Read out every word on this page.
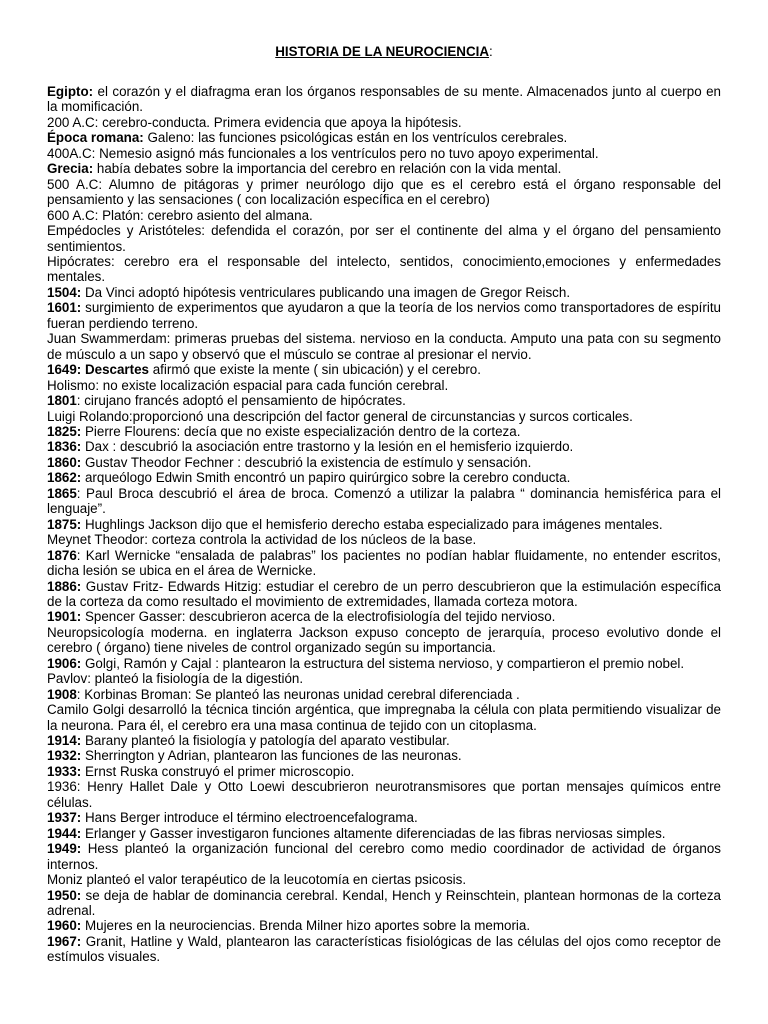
HISTORIA DE LA NEUROCIENCIA:

Egipto: el corazón y el diafragma eran los órganos responsables de su mente. Almacenados junto al cuerpo en la momificación.

200 A.C: cerebro-conducta. Primera evidencia que apoya la hipótesis.

Época romana: Galeno: las funciones psicológicas están en los ventrículos cerebrales.

400A.C: Nemesio asignó más funcionales a los ventrículos pero no tuvo apoyo experimental.

Grecia: había debates sobre la importancia del cerebro en relación con la vida mental.

500 A.C: Alumno de pitágoras y primer neurólogo dijo que es el cerebro está el órgano responsable del pensamiento y las sensaciones ( con localización específica en el cerebro)

600 A.C: Platón: cerebro asiento del almana.

Empédocles y Aristóteles: defendida el corazón, por ser el continente del alma y el órgano del pensamiento sentimientos.

Hipócrates: cerebro era el responsable del intelecto, sentidos, conocimiento,emociones y enfermedades mentales.

1504: Da Vinci adoptó hipótesis ventriculares publicando una imagen de Gregor Reisch.

1601: surgimiento de experimentos que ayudaron a que la teoría de los nervios como transportadores de espíritu fueran perdiendo terreno.

Juan Swammerdam: primeras pruebas del sistema. nervioso en la conducta. Amputo una pata con su segmento de músculo a un sapo y observó que el músculo se contrae al presionar el nervio.

1649: Descartes afirmó que existe la mente ( sin ubicación) y el cerebro.

Holismo: no existe localización espacial para cada función cerebral.

1801: cirujano francés adoptó el pensamiento de hipócrates.

Luigi Rolando:proporcionó una descripción del factor general de circunstancias y surcos corticales.

1825: Pierre Flourens: decía que no existe especialización dentro de la corteza.

1836: Dax : descubrió la asociación entre trastorno y la lesión en el hemisferio izquierdo.

1860: Gustav Theodor Fechner : descubrió la existencia de estímulo y sensación.

1862: arqueólogo Edwin Smith encontró un papiro quirúrgico sobre la cerebro conducta.

1865: Paul Broca descubrió el área de broca. Comenzó a utilizar la palabra “ dominancia hemisférica para el lenguaje”.

1875: Hughlings Jackson dijo que el hemisferio derecho estaba especializado para imágenes mentales.

Meynet Theodor: corteza controla la actividad de los núcleos de la base.

1876: Karl Wernicke “ensalada de palabras” los pacientes no podían hablar fluidamente, no entender escritos, dicha lesión se ubica en el área de Wernicke.

1886: Gustav Fritz- Edwards Hitzig: estudiar el cerebro de un perro descubrieron que la estimulación específica de la corteza da como resultado el movimiento de extremidades, llamada corteza motora.

1901: Spencer Gasser: descubrieron acerca de la electrofisiología del tejido nervioso.

Neuropsicología moderna. en inglaterra Jackson expuso concepto de jerarquía, proceso evolutivo donde el cerebro ( órgano) tiene niveles de control organizado según su importancia.

1906: Golgi, Ramón y Cajal : plantearon la estructura del sistema nervioso, y compartieron el premio nobel.

Pavlov: planteó la fisiología de la digestión.

1908: Korbinas Broman: Se planteó las neuronas unidad cerebral diferenciada .

Camilo Golgi desarrolló la técnica tinción argéntica, que impregnaba la célula con plata permitiendo visualizar de la neurona. Para él, el cerebro era una masa continua de tejido con un citoplasma.

1914: Barany planteó la fisiología y patología del aparato vestibular.

1932: Sherrington y Adrian, plantearon las funciones de las neuronas.

1933: Ernst Ruska construyó el primer microscopio.

1936: Henry Hallet Dale y Otto Loewi descubrieron neurotransmisores que portan mensajes químicos entre células.

1937: Hans Berger introduce el término electroencefalograma.

1944: Erlanger y Gasser investigaron funciones altamente diferenciadas de las fibras nerviosas simples.

1949: Hess planteó la organización funcional del cerebro como medio coordinador de actividad de órganos internos.

Moniz planteó el valor terapéutico de la leucotomía en ciertas psicosis.

1950: se deja de hablar de dominancia cerebral. Kendal, Hench y Reinschtein, plantean hormonas de la corteza adrenal.

1960: Mujeres en la neurociencias. Brenda Milner hizo aportes sobre la memoria.

1967: Granit, Hatline y Wald, plantearon las características fisiológicas de las células del ojos como receptor de estímulos visuales.
